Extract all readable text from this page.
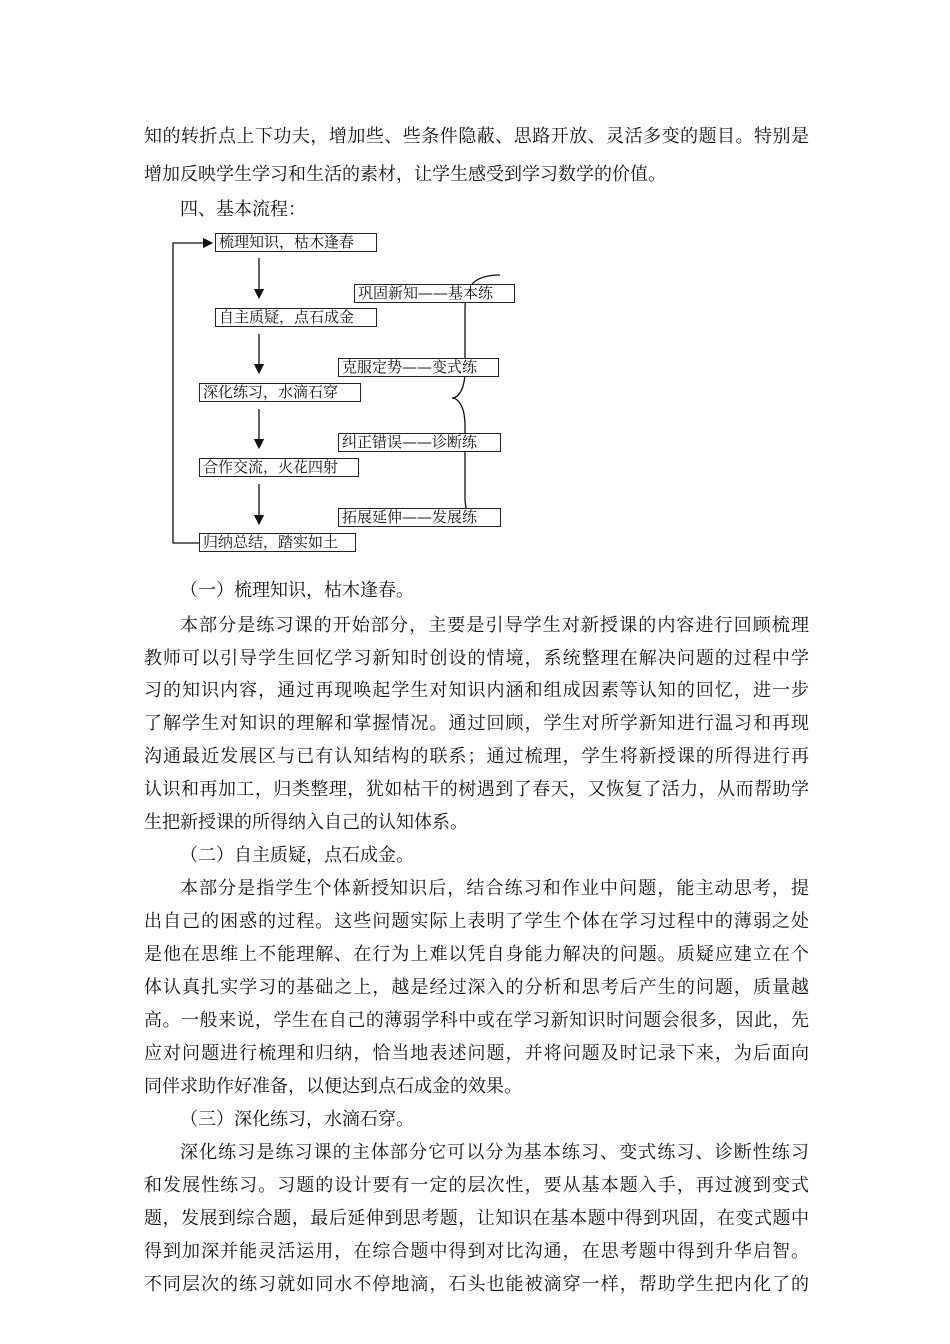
知的转折点上下功夫，增加些、些条件隐蔽、思路开放、灵活多变的题目。特别是
增加反映学生学习和生活的素材，让学生感受到学习数学的价值。
四、基本流程：
梳理知识，枯木逢春
自主质疑，点石成金
深化练习，水滴石穿
合作交流，火花四射
归纳总结，踏实如土
巩固新知——基本练
克服定势——变式练
纠正错误——诊断练
拓展延伸——发展练
（一）梳理知识，枯木逢春。
本部分是练习课的开始部分，主要是引导学生对新授课的内容进行回顾梳理
教师可以引导学生回忆学习新知时创设的情境，系统整理在解决问题的过程中学
习的知识内容，通过再现唤起学生对知识内涵和组成因素等认知的回忆，进一步
了解学生对知识的理解和掌握情况。通过回顾，学生对所学新知进行温习和再现
沟通最近发展区与已有认知结构的联系；通过梳理，学生将新授课的所得进行再
认识和再加工，归类整理，犹如枯干的树遇到了春天，又恢复了活力，从而帮助学
生把新授课的所得纳入自己的认知体系。
（二）自主质疑，点石成金。
本部分是指学生个体新授知识后，结合练习和作业中问题，能主动思考，提
出自己的困惑的过程。这些问题实际上表明了学生个体在学习过程中的薄弱之处
是他在思维上不能理解、在行为上难以凭自身能力解决的问题。质疑应建立在个
体认真扎实学习的基础之上，越是经过深入的分析和思考后产生的问题，质量越
高。一般来说，学生在自己的薄弱学科中或在学习新知识时问题会很多，因此，先
应对问题进行梳理和归纳，恰当地表述问题，并将问题及时记录下来，为后面向
同伴求助作好准备，以便达到点石成金的效果。
（三）深化练习，水滴石穿。
深化练习是练习课的主体部分它可以分为基本练习、变式练习、诊断性练习
和发展性练习。习题的设计要有一定的层次性，要从基本题入手，再过渡到变式
题，发展到综合题，最后延伸到思考题，让知识在基本题中得到巩固，在变式题中
得到加深并能灵活运用，在综合题中得到对比沟通，在思考题中得到升华启智。
不同层次的练习就如同水不停地滴，石头也能被滴穿一样，帮助学生把内化了的
